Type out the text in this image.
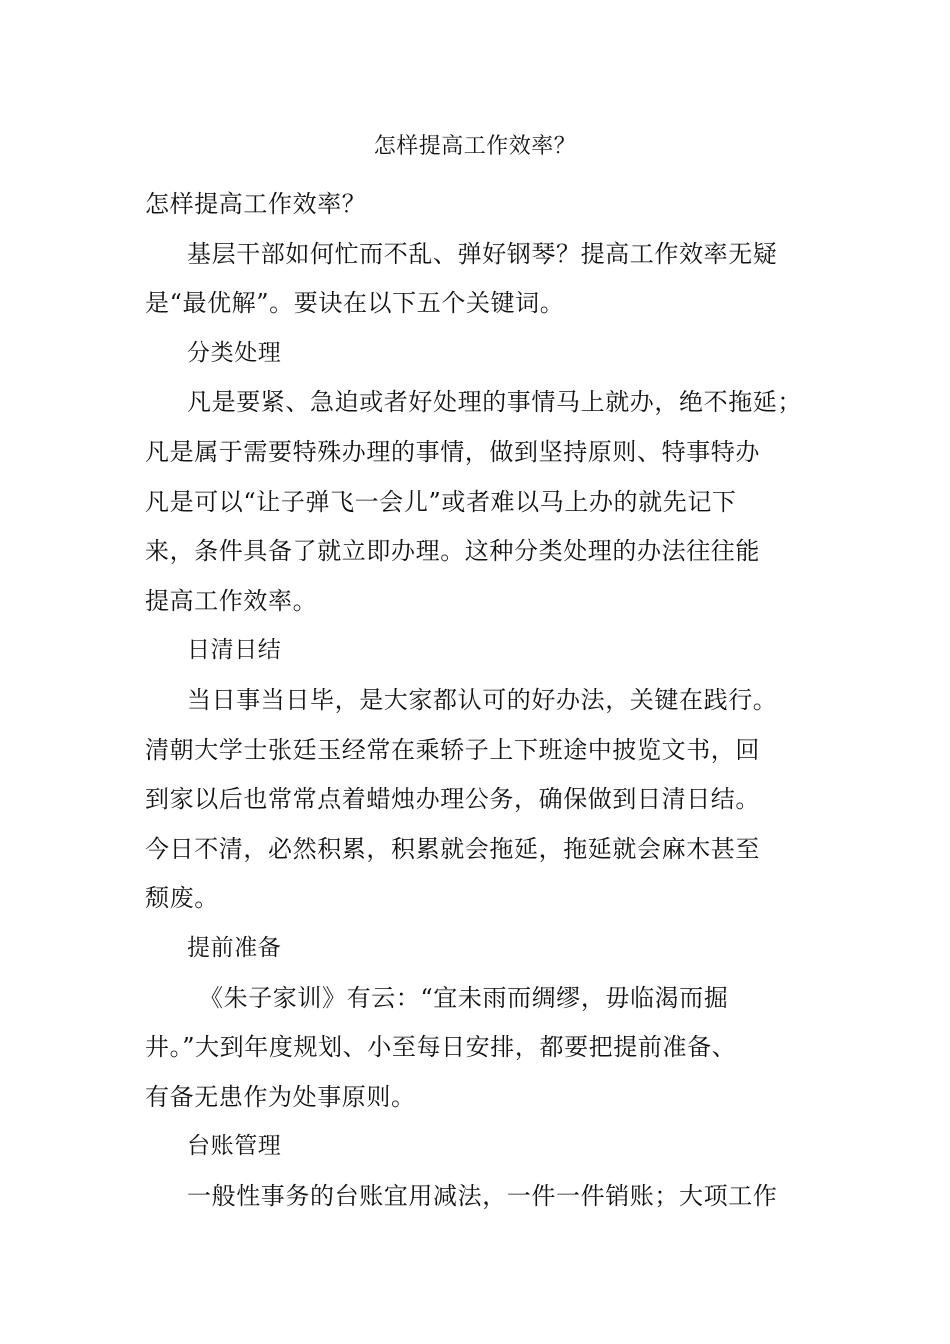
怎样提高工作效率？
怎样提高工作效率？
基层干部如何忙而不乱、弹好钢琴？提高工作效率无疑
是“最优解”。要诀在以下五个关键词。
分类处理
凡是要紧、急迫或者好处理的事情马上就办，绝不拖延；
凡是属于需要特殊办理的事情，做到坚持原则、特事特办
凡是可以“让子弹飞一会儿”或者难以马上办的就先记下
来，条件具备了就立即办理。这种分类处理的办法往往能
提高工作效率。
日清日结
当日事当日毕，是大家都认可的好办法，关键在践行。
清朝大学士张廷玉经常在乘轿子上下班途中披览文书，回
到家以后也常常点着蜡烛办理公务，确保做到日清日结。
今日不清，必然积累，积累就会拖延，拖延就会麻木甚至
颓废。
提前准备
《朱子家训》有云：“宜未雨而绸缪，毋临渴而掘
井。”大到年度规划、小至每日安排，都要把提前准备、
有备无患作为处事原则。
台账管理
一般性事务的台账宜用减法，一件一件销账；大项工作
